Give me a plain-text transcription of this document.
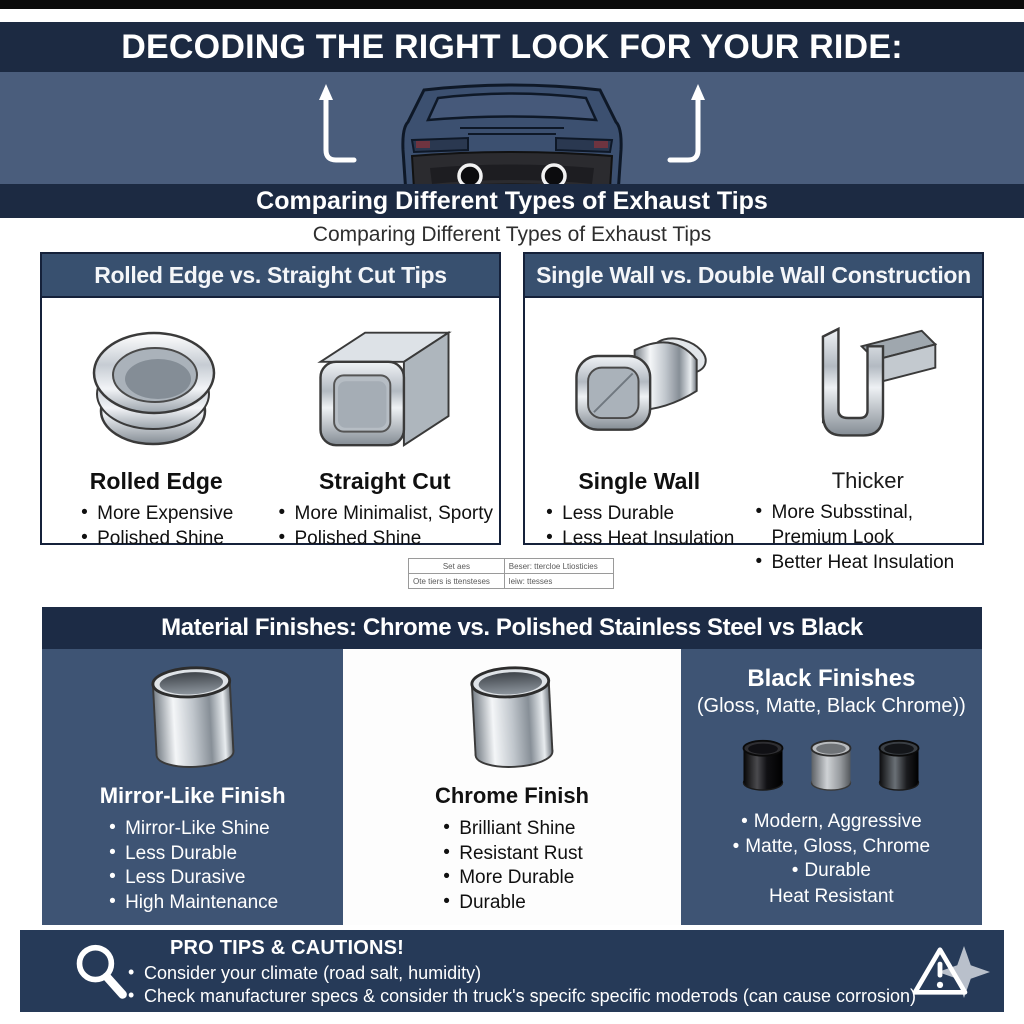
DECODING THE RIGHT LOOK FOR YOUR RIDE:
Comparing Different Types of Exhaust Tips
Comparing Different Types of Exhaust Tips
Rolled Edge vs. Straight Cut Tips
Rolled Edge
• More Expensive
• Polished Shine
Straight Cut
• More Minimalist, Sporty
• Polished Shine
Single Wall vs. Double Wall Construction
Single Wall
• Less Durable
• Less Heat Insulation
Thicker
• More Subsstinal, Premium Look
• Better Heat Insulation
Set aes	Beser: ttercloe Ltiosticies
Ote tiers is ttensteses	leiw: ttesses
Material Finishes: Chrome vs. Polished Stainless Steel vs Black
Mirror-Like Finish
• Mirror-Like Shine
• Less Durable
• Less Durasive
• High Maintenance
Chrome Finish
• Brilliant Shine
• Resistant Rust
• More Durable
• Durable
Black Finishes
(Gloss, Matte, Black Chrome))
• Modern, Aggressive
• Matte, Gloss, Chrome
• Durable
Heat Resistant
PRO TIPS & CAUTIONS!
• Consider your climate (road salt, humidity)
• Check manufacturer specs & consider th truck's specifc specific modeᴛods (can cause corrosion)
